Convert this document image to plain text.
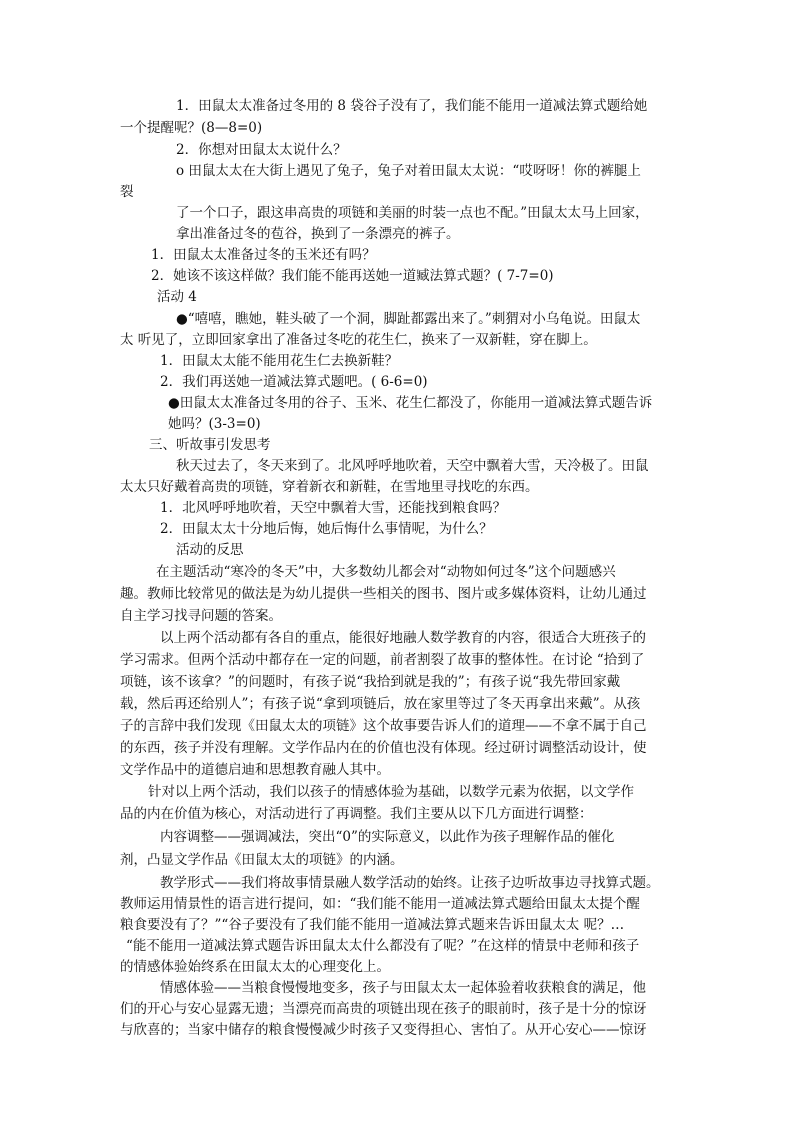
1．田鼠太太准备过冬用的 8 袋谷子没有了，我们能不能用一道减法算式题给她
一个提醒呢？(8—8=0)
2．你想对田鼠太太说什么？
o 田鼠太太在大街上遇见了兔子，兔子对着田鼠太太说：“哎呀呀！你的裤腿上
裂
了一个口子，跟这串高贵的项链和美丽的时装一点也不配。”田鼠太太马上回家，
拿出准备过冬的苞谷，换到了一条漂亮的裤子。
1．田鼠太太准备过冬的玉米还有吗？
2．她该不该这样做？我们能不能再送她一道臧法算式题？( 7-7=0)
活动 4
●“嘻嘻，瞧她，鞋头破了一个洞，脚趾都露出来了。”刺猬对小乌龟说。田鼠太
太 听见了，立即回家拿出了准备过冬吃的花生仁，换来了一双新鞋，穿在脚上。
1．田鼠太太能不能用花生仁去换新鞋？
2．我们再送她一道减法算式题吧。( 6-6=0)
●田鼠太太准备过冬用的谷子、玉米、花生仁都没了，你能用一道减法算式题告诉
她吗？(3-3=0)
三、听故事引发思考
秋天过去了，冬天来到了。北风呼呼地吹着，天空中飘着大雪，天冷极了。田鼠
太太只好戴着高贵的项链，穿着新衣和新鞋，在雪地里寻找吃的东西。
1．北风呼呼地吹着，天空中飘着大雪，还能找到粮食吗？
2．田鼠太太十分地后悔，她后悔什么事情呢，为什么？
活动的反思
在主题活动“寒冷的冬天”中，大多数幼儿都会对“动物如何过冬”这个问题感兴
趣。教师比较常见的做法是为幼儿提供一些相关的图书、图片或多媒体资料，让幼儿通过
自主学习找寻问题的答案。
以上两个活动都有各自的重点，能很好地融人数学教育的内容，很适合大班孩子的
学习需求。但两个活动中都存在一定的问题，前者割裂了故事的整体性。在讨论 “拾到了
项链，该不该拿？”的问题时，有孩子说“我拾到就是我的”；有孩子说“我先带回家戴
载，然后再还给别人”；有孩子说“拿到项链后，放在家里等过了冬天再拿出来戴”。从孩
子的言辞中我们发现《田鼠太太的项链》这个故事要告诉人们的道理——不拿不属于自己
的东西，孩子并没有理解。文学作品内在的价值也没有体现。经过研讨调整活动设计，使
文学作品中的道德启迪和思想教育融人其中。
针对以上两个活动，我们以孩子的情感体验为基础，以数学元素为依据，以文学作
品的内在价值为核心，对活动进行了再调整。我们主要从以下几方面进行调整：
内容调整——强调减法，突出“0”的实际意义，以此作为孩子理解作品的催化
剂，凸显文学作品《田鼠太太的项链》的内涵。
教学形式——我们将故事情景融人数学活动的始终。让孩子边听故事边寻找算式题。
教师运用情景性的语言进行提问，如：“我们能不能用一道减法算式题给田鼠太太提个醒
粮食要没有了？”“谷子要没有了我们能不能用一道减法算式题来告诉田鼠太太 呢？…
“能不能用一道减法算式题告诉田鼠太太什么都没有了呢？”在这样的情景中老师和孩子
的情感体验始终系在田鼠太太的心理变化上。
情感体验——当粮食慢慢地变多，孩子与田鼠太太一起体验着收获粮食的满足，他
们的开心与安心显露无遗；当漂亮而高贵的项链出现在孩子的眼前时，孩子是十分的惊讶
与欣喜的；当家中储存的粮食慢慢减少时孩子又变得担心、害怕了。从开心安心——惊讶
